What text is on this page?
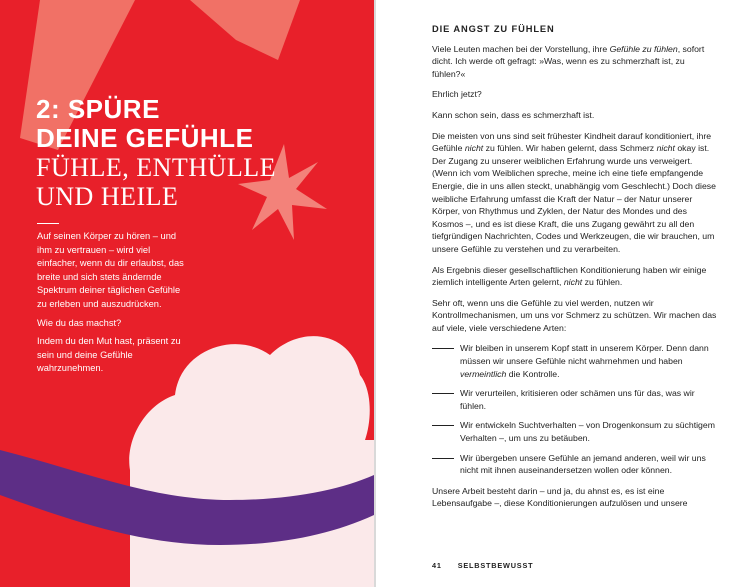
2: SPÜRE
DEINE GEFÜHLE
FÜHLE, ENTHÜLLE
UND HEILE

Auf seinen Körper zu hören – und ihm zu vertrauen – wird viel einfacher, wenn du dir erlaubst, das breite und sich stets ändernde Spektrum deiner täglichen Gefühle zu erleben und auszudrücken.

Wie du das machst?

Indem du den Mut hast, präsent zu sein und deine Gefühle wahrzunehmen.

DIE ANGST ZU FÜHLEN

Viele Leuten machen bei der Vorstellung, ihre Gefühle zu fühlen, sofort dicht. Ich werde oft gefragt: »Was, wenn es zu schmerzhaft ist, zu fühlen?«

Ehrlich jetzt?

Kann schon sein, dass es schmerzhaft ist.

Die meisten von uns sind seit frühester Kindheit darauf konditioniert, ihre Gefühle nicht zu fühlen. Wir haben gelernt, dass Schmerz nicht okay ist. Der Zugang zu unserer weiblichen Erfahrung wurde uns verweigert. (Wenn ich vom Weiblichen spreche, meine ich eine tiefe empfangende Energie, die in uns allen steckt, unabhängig vom Geschlecht.) Doch diese weibliche Erfahrung umfasst die Kraft der Natur – der Natur unserer Körper, von Rhythmus und Zyklen, der Natur des Mondes und des Kosmos –, und es ist diese Kraft, die uns Zugang gewährt zu all den tiefgründigen Nachrichten, Codes und Werkzeugen, die wir brauchen, um unsere Gefühle zu verstehen und zu verarbeiten.

Als Ergebnis dieser gesellschaftlichen Konditionierung haben wir einige ziemlich intelligente Arten gelernt, nicht zu fühlen.

Sehr oft, wenn uns die Gefühle zu viel werden, nutzen wir Kontrollmechanismen, um uns vor Schmerz zu schützen. Wir machen das auf viele, viele verschiedene Arten:

Wir bleiben in unserem Kopf statt in unserem Körper. Denn dann müssen wir unsere Gefühle nicht wahrnehmen und haben vermeintlich die Kontrolle.
Wir verurteilen, kritisieren oder schämen uns für das, was wir fühlen.
Wir entwickeln Suchtverhalten – von Drogenkonsum zu süchtigem Verhalten –, um uns zu betäuben.
Wir übergeben unsere Gefühle an jemand anderen, weil wir uns nicht mit ihnen auseinandersetzen wollen oder können.

Unsere Arbeit besteht darin – und ja, du ahnst es, es ist eine Lebensaufgabe –, diese Konditionierungen aufzulösen und unsere

41 SELBSTBEWUSST
